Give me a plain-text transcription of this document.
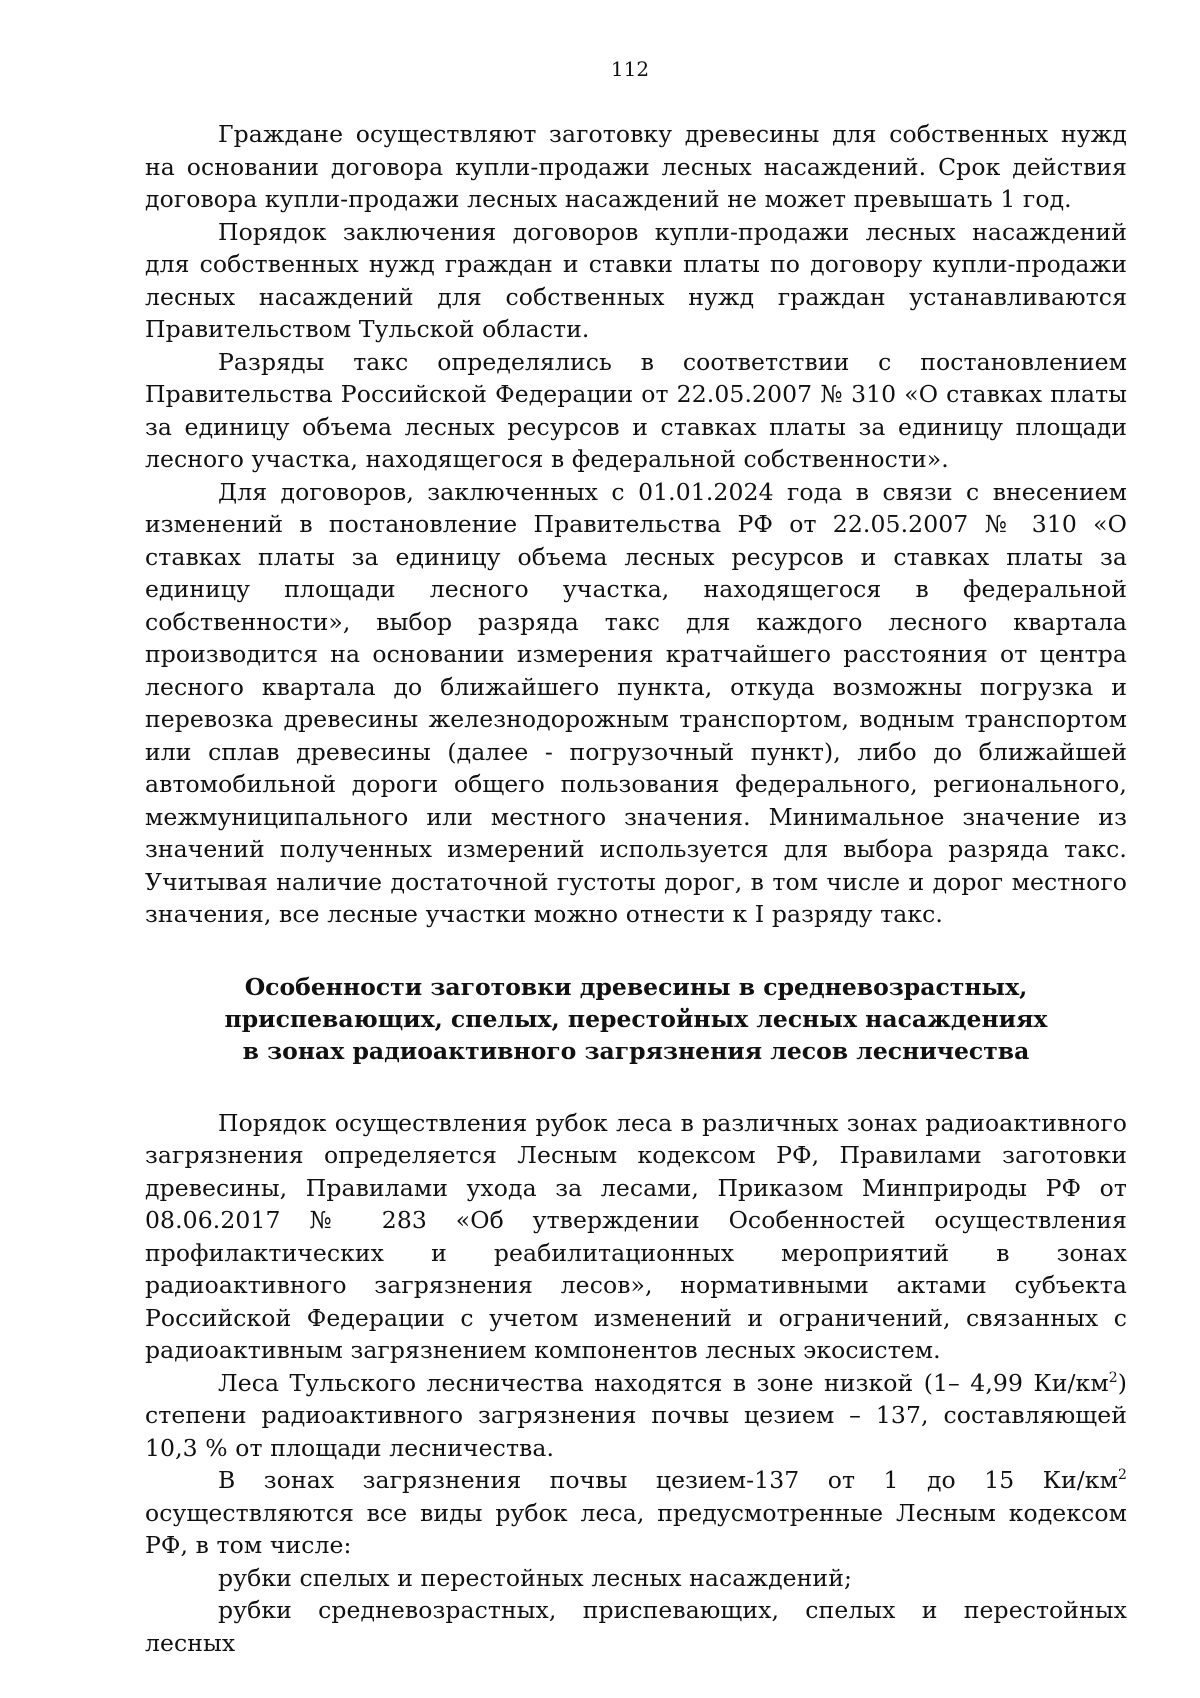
112

Граждане осуществляют заготовку древесины для собственных нужд на основании договора купли-продажи лесных насаждений. Срок действия договора купли-продажи лесных насаждений не может превышать 1 год.

Порядок заключения договоров купли-продажи лесных насаждений для собственных нужд граждан и ставки платы по договору купли-продажи лесных насаждений для собственных нужд граждан устанавливаются Правительством Тульской области.

Разряды такс определялись в соответствии с постановлением Правительства Российской Федерации от 22.05.2007 № 310 «О ставках платы за единицу объема лесных ресурсов и ставках платы за единицу площади лесного участка, находящегося в федеральной собственности».

Для договоров, заключенных с 01.01.2024 года в связи с внесением изменений в постановление Правительства РФ от 22.05.2007 № 310 «О ставках платы за единицу объема лесных ресурсов и ставках платы за единицу площади лесного участка, находящегося в федеральной собственности», выбор разряда такс для каждого лесного квартала производится на основании измерения кратчайшего расстояния от центра лесного квартала до ближайшего пункта, откуда возможны погрузка и перевозка древесины железнодорожным транспортом, водным транспортом или сплав древесины (далее - погрузочный пункт), либо до ближайшей автомобильной дороги общего пользования федерального, регионального, межмуниципального или местного значения. Минимальное значение из значений полученных измерений используется для выбора разряда такс. Учитывая наличие достаточной густоты дорог, в том числе и дорог местного значения, все лесные участки можно отнести к I разряду такс.

Особенности заготовки древесины в средневозрастных,
приспевающих, спелых, перестойных лесных насаждениях
в зонах радиоактивного загрязнения лесов лесничества

Порядок осуществления рубок леса в различных зонах радиоактивного загрязнения определяется Лесным кодексом РФ, Правилами заготовки древесины, Правилами ухода за лесами, Приказом Минприроды РФ от 08.06.2017 № 283 «Об утверждении Особенностей осуществления профилактических и реабилитационных мероприятий в зонах радиоактивного загрязнения лесов», нормативными актами субъекта Российской Федерации с учетом изменений и ограничений, связанных с радиоактивным загрязнением компонентов лесных экосистем.

Леса Тульского лесничества находятся в зоне низкой (1– 4,99 $Ки/км^2$) степени радиоактивного загрязнения почвы цезием – 137, составляющей 10,3 % от площади лесничества.

В зонах загрязнения почвы цезием-137 от 1 до 15 $Ки/км^2$ осуществляются все виды рубок леса, предусмотренные Лесным кодексом РФ, в том числе:

рубки спелых и перестойных лесных насаждений;

рубки средневозрастных, приспевающих, спелых и перестойных лесных
